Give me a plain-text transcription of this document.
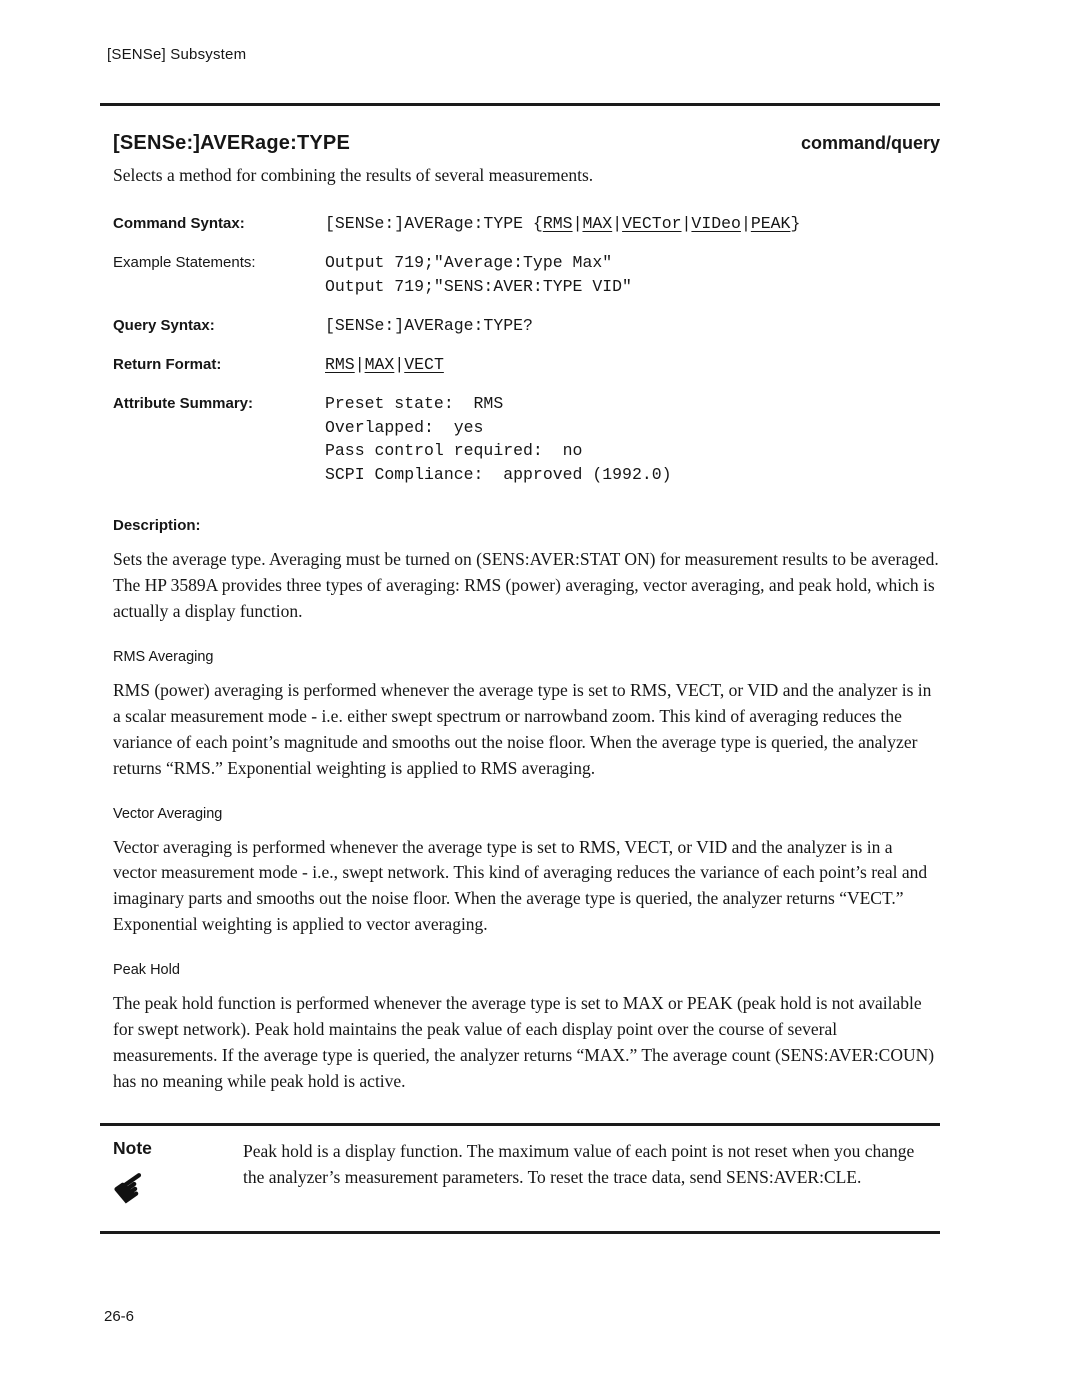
[SENSe] Subsystem
[SENSe:]AVERage:TYPE	command/query
Selects a method for combining the results of several measurements.
Command Syntax:	[SENSe:]AVERage:TYPE {RMS|MAX|VECTor|VIDeo|PEAK}
Example Statements:	Output 719;"Average:Type Max"
Output 719;"SENS:AVER:TYPE VID"
Query Syntax:	[SENSe:]AVERage:TYPE?
Return Format:	RMS|MAX|VECT
Attribute Summary:	Preset state:  RMS
Overlapped:  yes
Pass control required:  no
SCPI Compliance:  approved (1992.0)
Description:

Sets the average type. Averaging must be turned on (SENS:AVER:STAT ON) for measurement results to be averaged. The HP 3589A provides three types of averaging: RMS (power) averaging, vector averaging, and peak hold, which is actually a display function.

RMS Averaging

RMS (power) averaging is performed whenever the average type is set to RMS, VECT, or VID and the analyzer is in a scalar measurement mode - i.e. either swept spectrum or narrowband zoom. This kind of averaging reduces the variance of each point’s magnitude and smooths out the noise floor. When the average type is queried, the analyzer returns “RMS.” Exponential weighting is applied to RMS averaging.

Vector Averaging

Vector averaging is performed whenever the average type is set to RMS, VECT, or VID and the analyzer is in a vector measurement mode - i.e., swept network. This kind of averaging reduces the variance of each point’s real and imaginary parts and smooths out the noise floor. When the average type is queried, the analyzer returns “VECT.” Exponential weighting is applied to vector averaging.

Peak Hold

The peak hold function is performed whenever the average type is set to MAX or PEAK (peak hold is not available for swept network). Peak hold maintains the peak value of each display point over the course of several measurements. If the average type is queried, the analyzer returns “MAX.” The average count (SENS:AVER:COUN) has no meaning while peak hold is active.

Note
☛

Peak hold is a display function. The maximum value of each point is not reset when you change the analyzer’s measurement parameters. To reset the trace data, send SENS:AVER:CLE.

26-6
